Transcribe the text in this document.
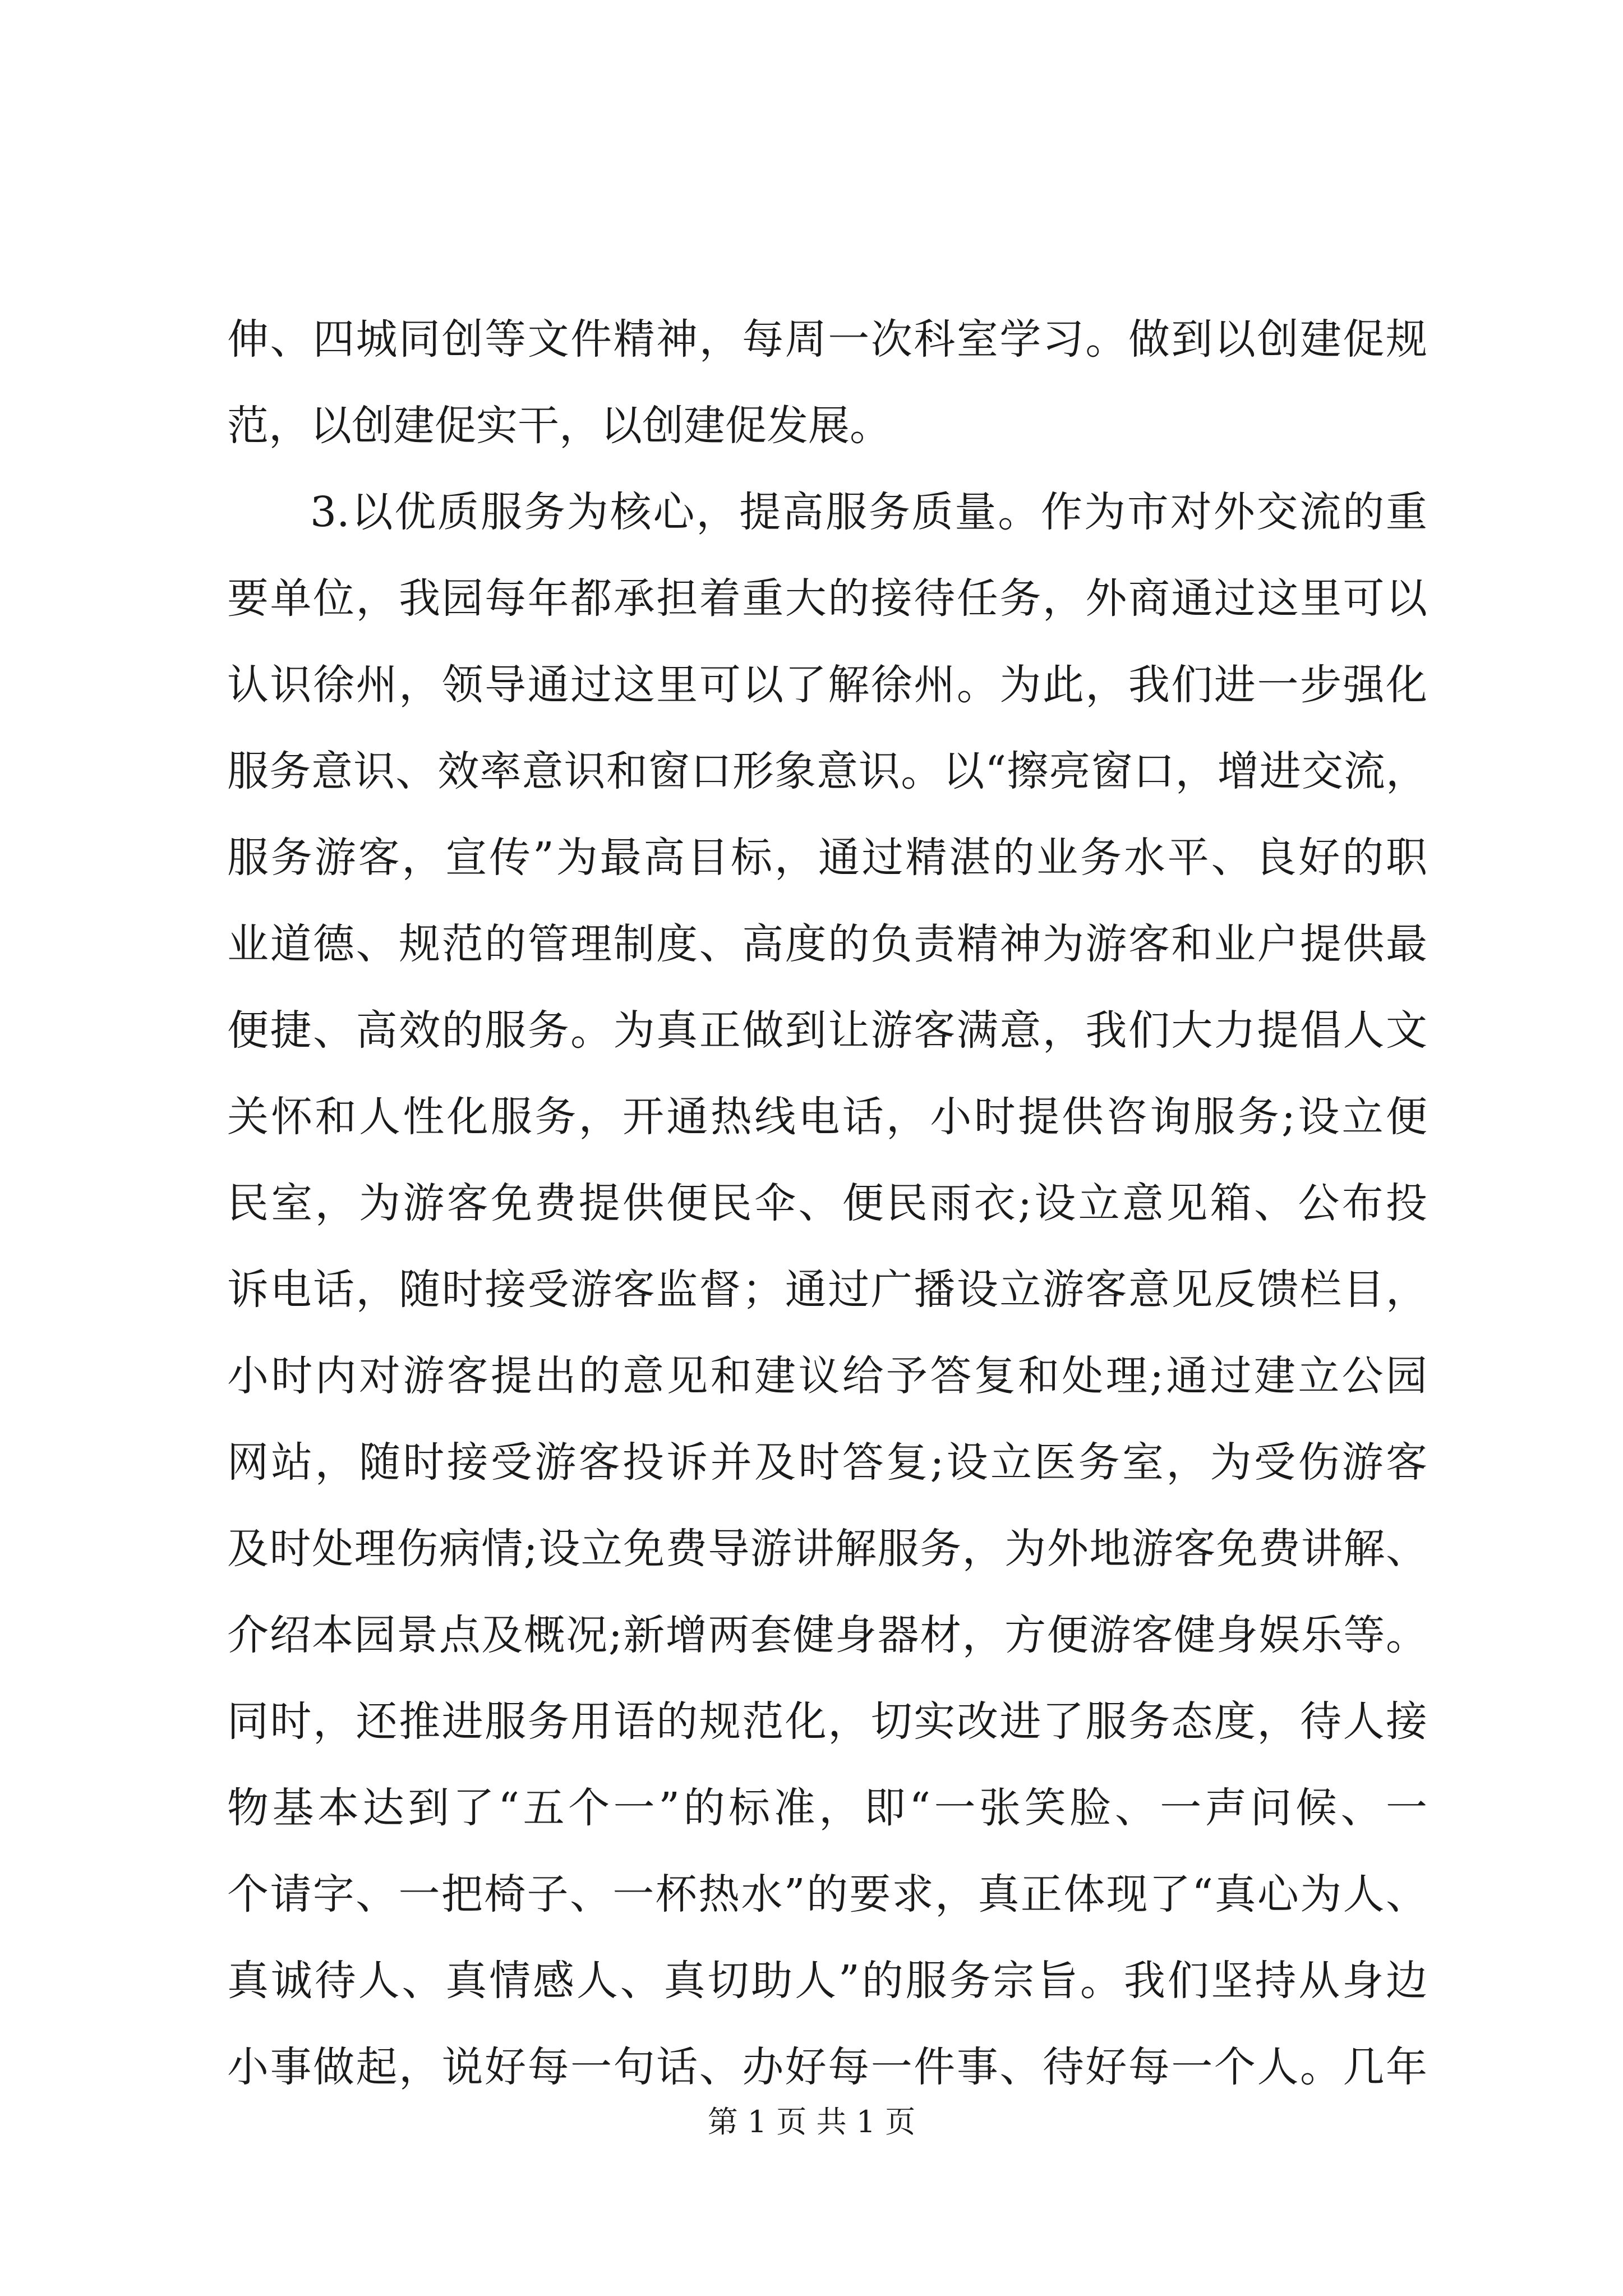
伸、四城同创等文件精神，每周一次科室学习。做到以创建促规
范，以创建促实干，以创建促发展。
3.以优质服务为核心，提高服务质量。作为市对外交流的重
要单位，我园每年都承担着重大的接待任务，外商通过这里可以
认识徐州，领导通过这里可以了解徐州。为此，我们进一步强化
服务意识、效率意识和窗口形象意识。以“擦亮窗口，增进交流，
服务游客，宣传”为最高目标，通过精湛的业务水平、良好的职
业道德、规范的管理制度、高度的负责精神为游客和业户提供最
便捷、高效的服务。为真正做到让游客满意，我们大力提倡人文
关怀和人性化服务，开通热线电话，小时提供咨询服务;设立便
民室，为游客免费提供便民伞、便民雨衣;设立意见箱、公布投
诉电话，随时接受游客监督；通过广播设立游客意见反馈栏目，
小时内对游客提出的意见和建议给予答复和处理;通过建立公园
网站，随时接受游客投诉并及时答复;设立医务室，为受伤游客
及时处理伤病情;设立免费导游讲解服务，为外地游客免费讲解、
介绍本园景点及概况;新增两套健身器材，方便游客健身娱乐等。
同时，还推进服务用语的规范化，切实改进了服务态度，待人接
物基本达到了“五个一”的标准，即“一张笑脸、一声问候、一
个请字、一把椅子、一杯热水”的要求，真正体现了“真心为人、
真诚待人、真情感人、真切助人”的服务宗旨。我们坚持从身边
小事做起，说好每一句话、办好每一件事、待好每一个人。几年
第 1 页 共 1 页
